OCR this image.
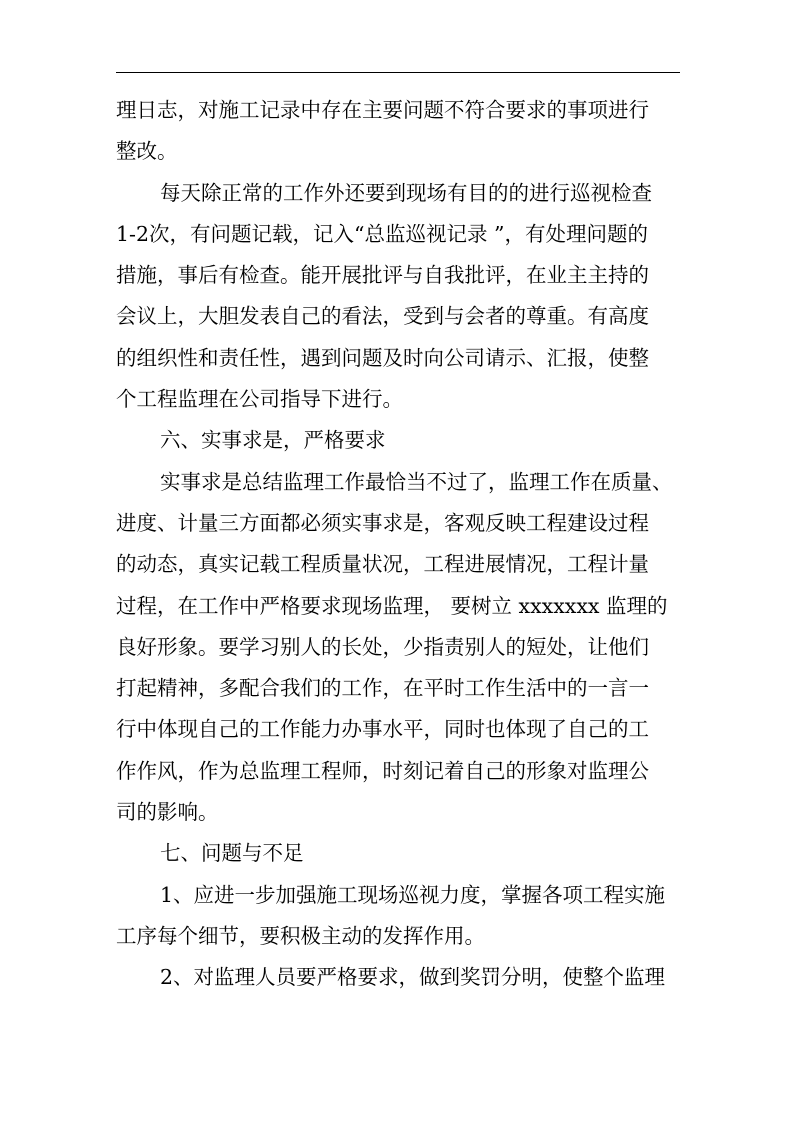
理日志，对施工记录中存在主要问题不符合要求的事项进行
整改。
每天除正常的工作外还要到现场有目的的进行巡视检查
1-2次，有问题记载，记入“总监巡视记录 ”，有处理问题的
措施，事后有检查。能开展批评与自我批评，在业主主持的
会议上，大胆发表自己的看法，受到与会者的尊重。有高度
的组织性和责任性，遇到问题及时向公司请示、汇报，使整
个工程监理在公司指导下进行。
六、实事求是，严格要求
实事求是总结监理工作最恰当不过了，监理工作在质量、
进度、计量三方面都必须实事求是，客观反映工程建设过程
的动态，真实记载工程质量状况，工程进展情况，工程计量
过程，在工作中严格要求现场监理， 要树立 xxxxxxx 监理的
良好形象。要学习别人的长处，少指责别人的短处，让他们
打起精神，多配合我们的工作，在平时工作生活中的一言一
行中体现自己的工作能力办事水平，同时也体现了自己的工
作作风，作为总监理工程师，时刻记着自己的形象对监理公
司的影响。
七、问题与不足
1、应进一步加强施工现场巡视力度，掌握各项工程实施
工序每个细节，要积极主动的发挥作用。
2、对监理人员要严格要求，做到奖罚分明，使整个监理
